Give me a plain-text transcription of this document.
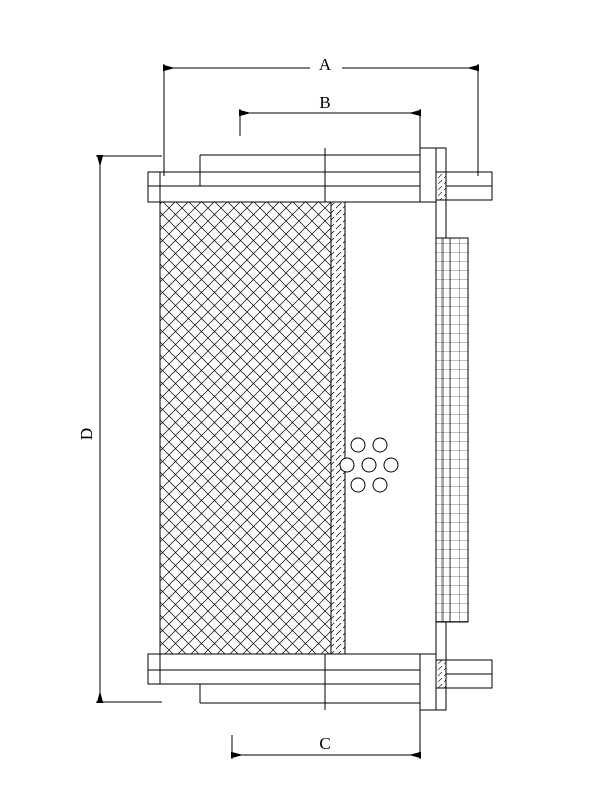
A
B
C
D
